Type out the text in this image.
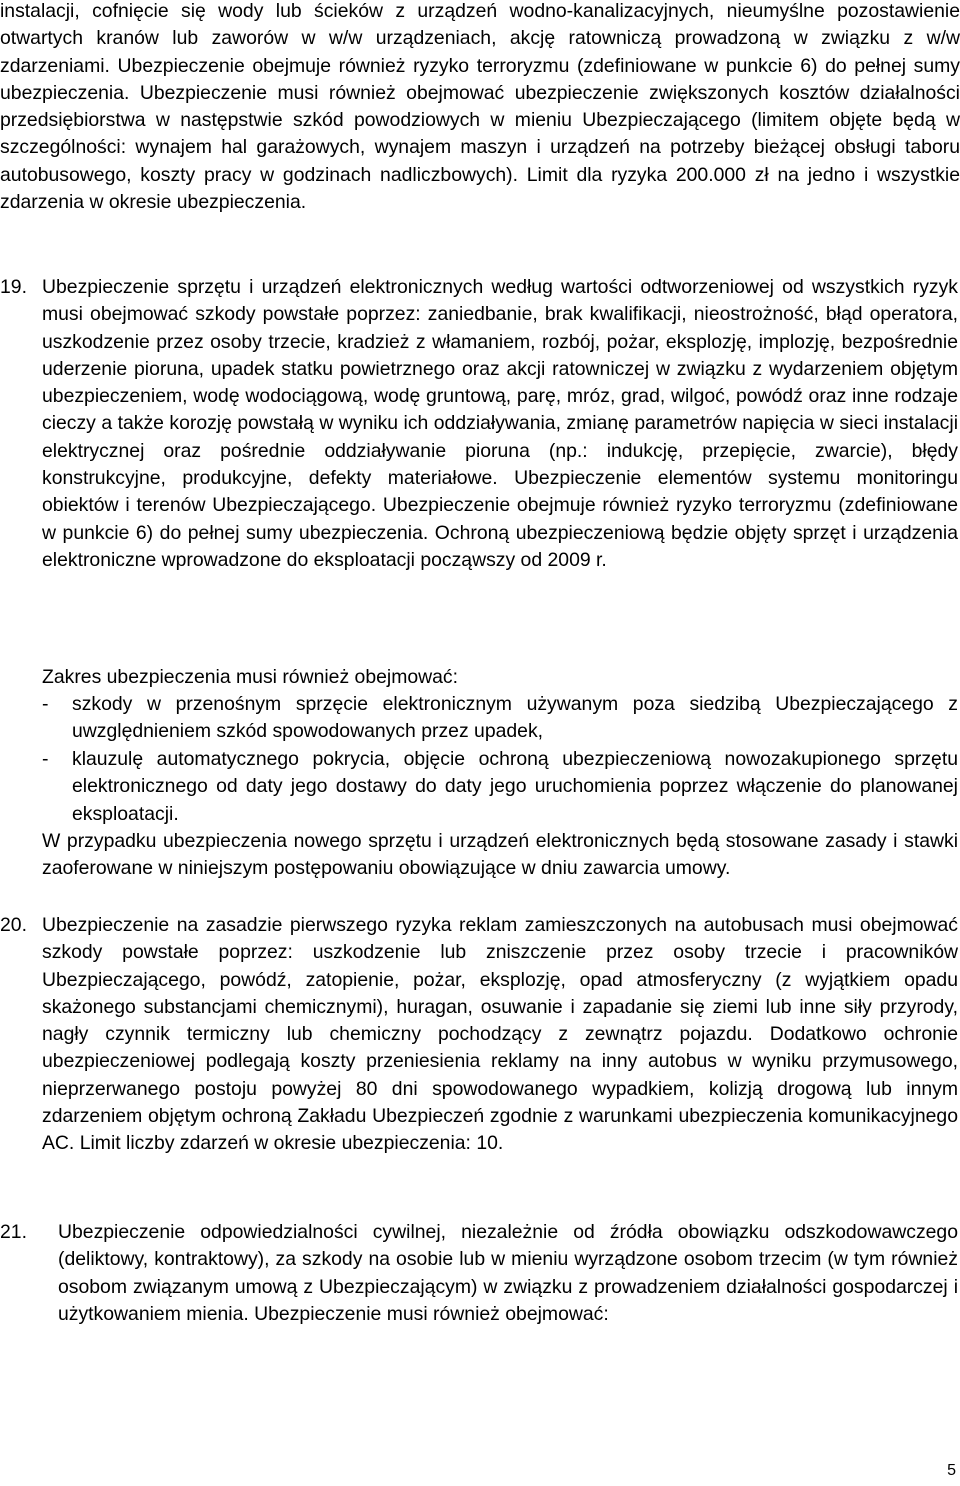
instalacji, cofnięcie się wody lub ścieków z urządzeń wodno-kanalizacyjnych, nieumyślne pozostawienie otwartych kranów lub zaworów w w/w urządzeniach, akcję ratowniczą prowadzoną w związku z w/w zdarzeniami. Ubezpieczenie obejmuje również ryzyko terroryzmu (zdefiniowane w punkcie 6) do pełnej sumy ubezpieczenia. Ubezpieczenie musi również obejmować ubezpieczenie zwiększonych kosztów działalności przedsiębiorstwa w następstwie szkód powodziowych w mieniu Ubezpieczającego (limitem objęte będą w szczególności: wynajem hal garażowych, wynajem maszyn i urządzeń na potrzeby bieżącej obsługi taboru autobusowego, koszty pracy w godzinach nadliczbowych). Limit dla ryzyka 200.000 zł na jedno i wszystkie zdarzenia w okresie ubezpieczenia.

19. Ubezpieczenie sprzętu i urządzeń elektronicznych według wartości odtworzeniowej od wszystkich ryzyk musi obejmować szkody powstałe poprzez: zaniedbanie, brak kwalifikacji, nieostrożność, błąd operatora, uszkodzenie przez osoby trzecie, kradzież z włamaniem, rozbój, pożar, eksplozję, implozję, bezpośrednie uderzenie pioruna, upadek statku powietrznego oraz akcji ratowniczej w związku z wydarzeniem objętym ubezpieczeniem, wodę wodociągową, wodę gruntową, parę, mróz, grad, wilgoć, powódź oraz inne rodzaje cieczy a także korozję powstałą w wyniku ich oddziaływania, zmianę parametrów napięcia w sieci instalacji elektrycznej oraz pośrednie oddziaływanie pioruna (np.: indukcję, przepięcie, zwarcie), błędy konstrukcyjne, produkcyjne, defekty materiałowe. Ubezpieczenie elementów systemu monitoringu obiektów i terenów Ubezpieczającego. Ubezpieczenie obejmuje również ryzyko terroryzmu (zdefiniowane w punkcie 6) do pełnej sumy ubezpieczenia. Ochroną ubezpieczeniową będzie objęty sprzęt i urządzenia elektroniczne wprowadzone do eksploatacji począwszy od 2009 r.

Zakres ubezpieczenia musi również obejmować:

- szkody w przenośnym sprzęcie elektronicznym używanym poza siedzibą Ubezpieczającego z uwzględnieniem szkód spowodowanych przez upadek,

- klauzulę automatycznego pokrycia, objęcie ochroną ubezpieczeniową nowozakupionego sprzętu elektronicznego od daty jego dostawy do daty jego uruchomienia poprzez włączenie do planowanej eksploatacji.

W przypadku ubezpieczenia nowego sprzętu i urządzeń elektronicznych będą stosowane zasady i stawki zaoferowane w niniejszym postępowaniu obowiązujące w dniu zawarcia umowy.

20. Ubezpieczenie na zasadzie pierwszego ryzyka reklam zamieszczonych na autobusach musi obejmować szkody powstałe poprzez: uszkodzenie lub zniszczenie przez osoby trzecie i pracowników Ubezpieczającego, powódź, zatopienie, pożar, eksplozję, opad atmosferyczny (z wyjątkiem opadu skażonego substancjami chemicznymi), huragan, osuwanie i zapadanie się ziemi lub inne siły przyrody, nagły czynnik termiczny lub chemiczny pochodzący z zewnątrz pojazdu. Dodatkowo ochronie ubezpieczeniowej podlegają koszty przeniesienia reklamy na inny autobus w wyniku przymusowego, nieprzerwanego postoju powyżej 80 dni spowodowanego wypadkiem, kolizją drogową lub innym zdarzeniem objętym ochroną Zakładu Ubezpieczeń zgodnie z warunkami ubezpieczenia komunikacyjnego AC. Limit liczby zdarzeń w okresie ubezpieczenia: 10.

21. Ubezpieczenie odpowiedzialności cywilnej, niezależnie od źródła obowiązku odszkodowawczego (deliktowy, kontraktowy), za szkody na osobie lub w mieniu wyrządzone osobom trzecim (w tym również osobom związanym umową z Ubezpieczającym) w związku z prowadzeniem działalności gospodarczej i użytkowaniem mienia. Ubezpieczenie musi również obejmować:

5
